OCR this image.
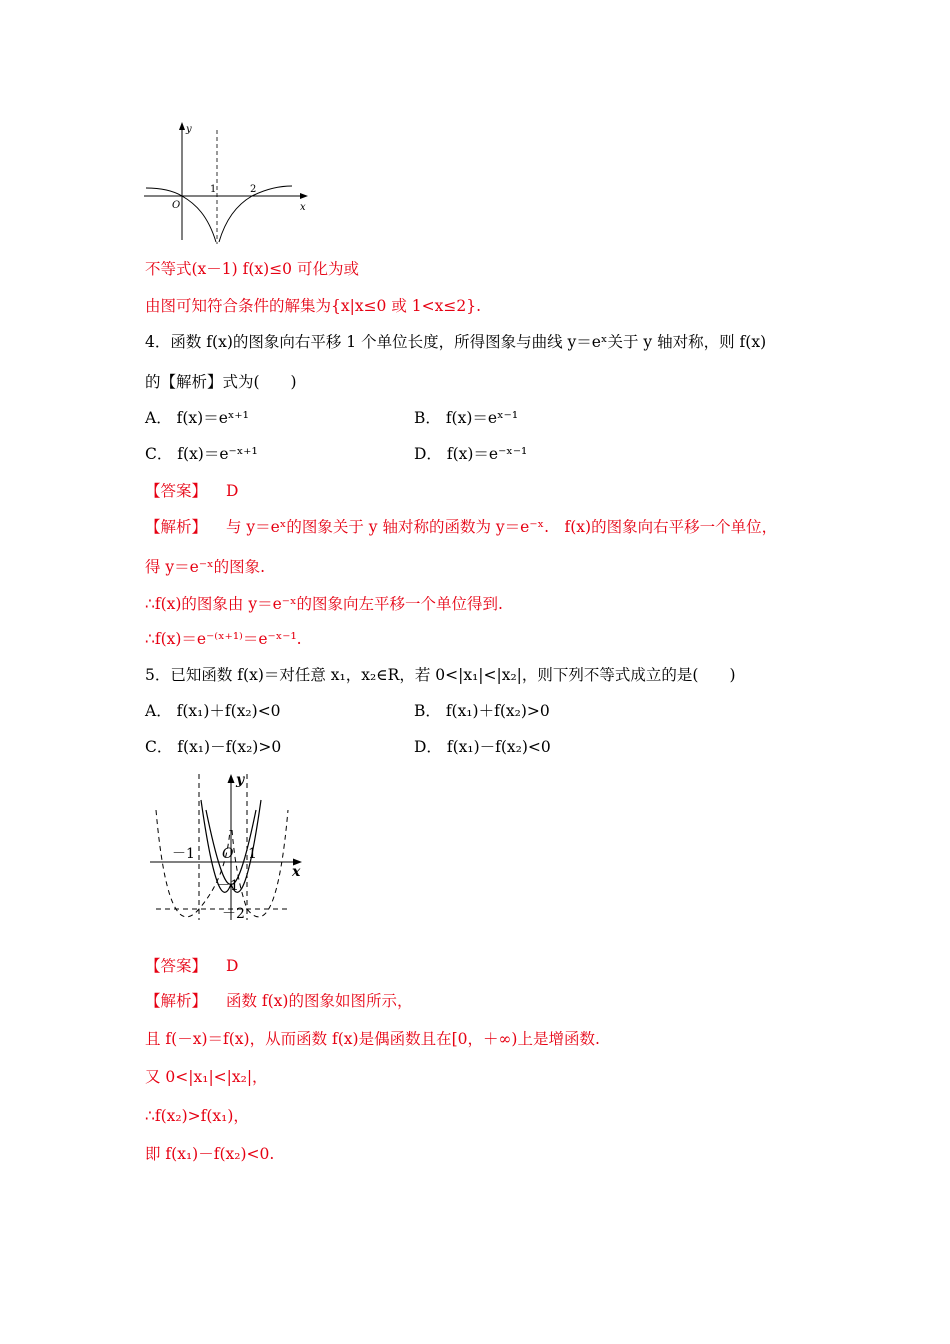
y
x
O
1	2
不等式(x－1) f(x)≤0 可化为或
由图可知符合条件的解集为{x|x≤0 或 1<x≤2}.
4．函数 f(x)的图象向右平移 1 个单位长度，所得图象与曲线 y＝eˣ关于 y 轴对称，则 f(x)
的【解析】式为(　　)
A． f(x)＝eˣ⁺¹	B． f(x)＝eˣ⁻¹
C． f(x)＝e⁻ˣ⁺¹	D． f(x)＝e⁻ˣ⁻¹
【答案】 D
【解析】 与 y＝eˣ的图象关于 y 轴对称的函数为 y＝e⁻ˣ.　f(x)的图象向右平移一个单位，
得 y＝e⁻ˣ的图象.
∴f(x)的图象由 y＝e⁻ˣ的图象向左平移一个单位得到.
∴f(x)＝e⁻⁽ˣ⁺¹⁾＝e⁻ˣ⁻¹.
5．已知函数 f(x)＝对任意 x₁，x₂∈R，若 0<|x₁|<|x₂|，则下列不等式成立的是(　　)
A． f(x₁)＋f(x₂)<0	B． f(x₁)＋f(x₂)>0
C． f(x₁)－f(x₂)>0	D． f(x₁)－f(x₂)<0
y
x
O
－1	1
－1
－2
【答案】 D
【解析】 函数 f(x)的图象如图所示，
且 f(－x)＝f(x)，从而函数 f(x)是偶函数且在[0，＋∞)上是增函数.
又 0<|x₁|<|x₂|，
∴f(x₂)>f(x₁)，
即 f(x₁)－f(x₂)<0.
